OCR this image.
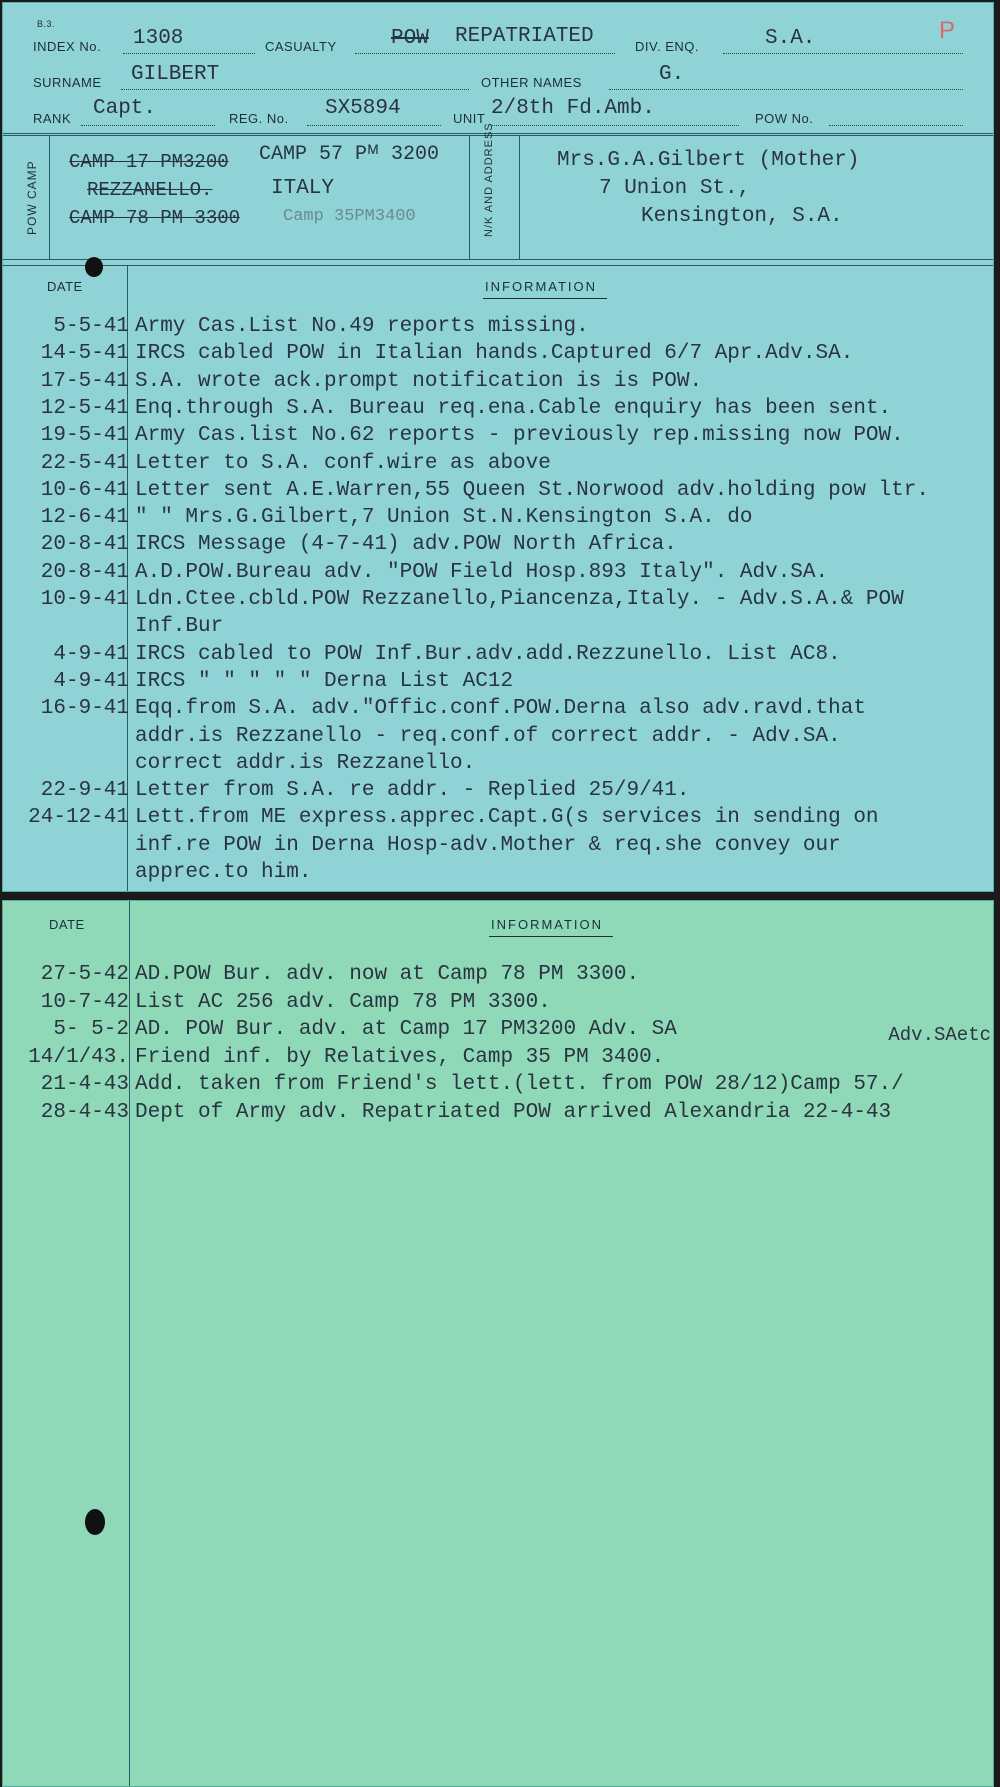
B.3.
INDEX No. 1308	CASUALTY	POW REPATRIATED	DIV. ENQ.	S.A.	P
SURNAME GILBERT	OTHER NAMES	G.
RANK Capt.	REG. No. SX5894	UNIT 2/8th Fd.Amb.	POW No.
POW CAMP	N/K AND ADDRESS
CAMP 17 PM3200 CAMP 57 Pᴹ 3200
REZZANELLO.	ITALY
CAMP 78 PM 3300	Camp 35PM3400
Mrs.G.A.Gilbert (Mother)
7 Union St.,
Kensington, S.A.
DATE	INFORMATION
5-5-41 Army Cas.List No.49 reports missing.
14-5-41 IRCS cabled POW in Italian hands.Captured 6/7 Apr.Adv.SA.
17-5-41 S.A. wrote ack.prompt notification is is POW.
12-5-41 Enq.through S.A. Bureau req.ena.Cable enquiry has been sent.
19-5-41 Army Cas.list No.62 reports - previously rep.missing now POW.
22-5-41 Letter to S.A. conf.wire as above
10-6-41 Letter sent A.E.Warren,55 Queen St.Norwood adv.holding pow ltr.
12-6-41 " " Mrs.G.Gilbert,7 Union St.N.Kensington S.A. do
20-8-41 IRCS Message (4-7-41) adv.POW North Africa.
20-8-41 A.D.POW.Bureau adv. "POW Field Hosp.893 Italy". Adv.SA.
10-9-41 Ldn.Ctee.cbld.POW Rezzanello,Piancenza,Italy. - Adv.S.A.& POW
Inf.Bur
4-9-41 IRCS cabled to POW Inf.Bur.adv.add.Rezzunello. List AC8.
4-9-41 IRCS " " " " " Derna List AC12
16-9-41 Eqq.from S.A. adv."Offic.conf.POW.Derna also adv.ravd.that
addr.is Rezzanello - req.conf.of correct addr. - Adv.SA.
correct addr.is Rezzanello.
22-9-41 Letter from S.A. re addr. - Replied 25/9/41.
24-12-41 Lett.from ME express.apprec.Capt.G(s services in sending on
inf.re POW in Derna Hosp-adv.Mother & req.she convey our
apprec.to him.
DATE	INFORMATION
27-5-42 AD.POW Bur. adv. now at Camp 78 PM 3300.
10-7-42 List AC 256 adv. Camp 78 PM 3300.
5- 5-2 AD. POW Bur. adv. at Camp 17 PM3200 Adv. SA
14/1/43. Friend inf. by Relatives, Camp 35 PM 3400.
Adv.SAetc
21-4-43 Add. taken from Friend's lett.(lett. from POW 28/12)Camp 57./
28-4-43 Dept of Army adv. Repatriated POW arrived Alexandria 22-4-43
